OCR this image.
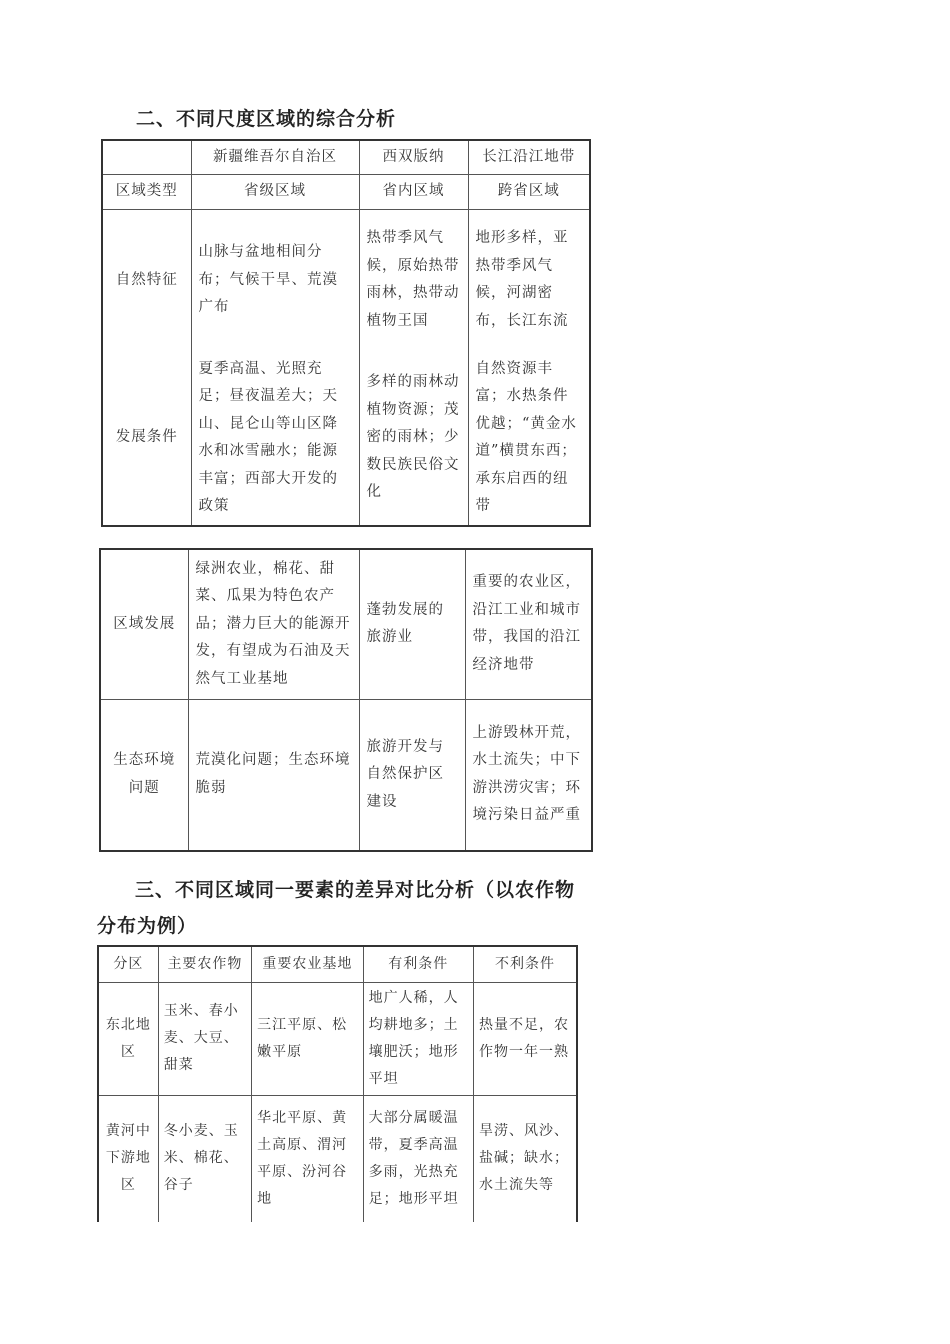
二、不同尺度区域的综合分析
	新疆维吾尔自治区	西双版纳	长江沿江地带
区域类型	省级区域	省内区域	跨省区域
自然特征	山脉与盆地相间分布；气候干旱、荒漠广布	热带季风气候，原始热带雨林，热带动植物王国	地形多样，亚热带季风气候，河湖密布，长江东流
发展条件	夏季高温、光照充足；昼夜温差大；天山、昆仑山等山区降水和冰雪融水；能源丰富；西部大开发的政策	多样的雨林动植物资源；茂密的雨林；少数民族民俗文化	自然资源丰富；水热条件优越；“黄金水道”横贯东西；承东启西的纽带
区域发展	绿洲农业，棉花、甜菜、瓜果为特色农产品；潜力巨大的能源开发，有望成为石油及天然气工业基地	蓬勃发展的旅游业	重要的农业区，沿江工业和城市带，我国的沿江经济地带
生态环境问题	荒漠化问题；生态环境脆弱	旅游开发与自然保护区建设	上游毁林开荒，水土流失；中下游洪涝灾害；环境污染日益严重
三、不同区域同一要素的差异对比分析（以农作物分布为例）
分区	主要农作物	重要农业基地	有利条件	不利条件
东北地区	玉米、春小麦、大豆、甜菜	三江平原、松嫩平原	地广人稀，人均耕地多；土壤肥沃；地形平坦	热量不足，农作物一年一熟
黄河中下游地区	冬小麦、玉米、棉花、谷子	华北平原、黄土高原、渭河平原、汾河谷地	大部分属暖温带，夏季高温多雨，光热充足；地形平坦	旱涝、风沙、盐碱；缺水；水土流失等
